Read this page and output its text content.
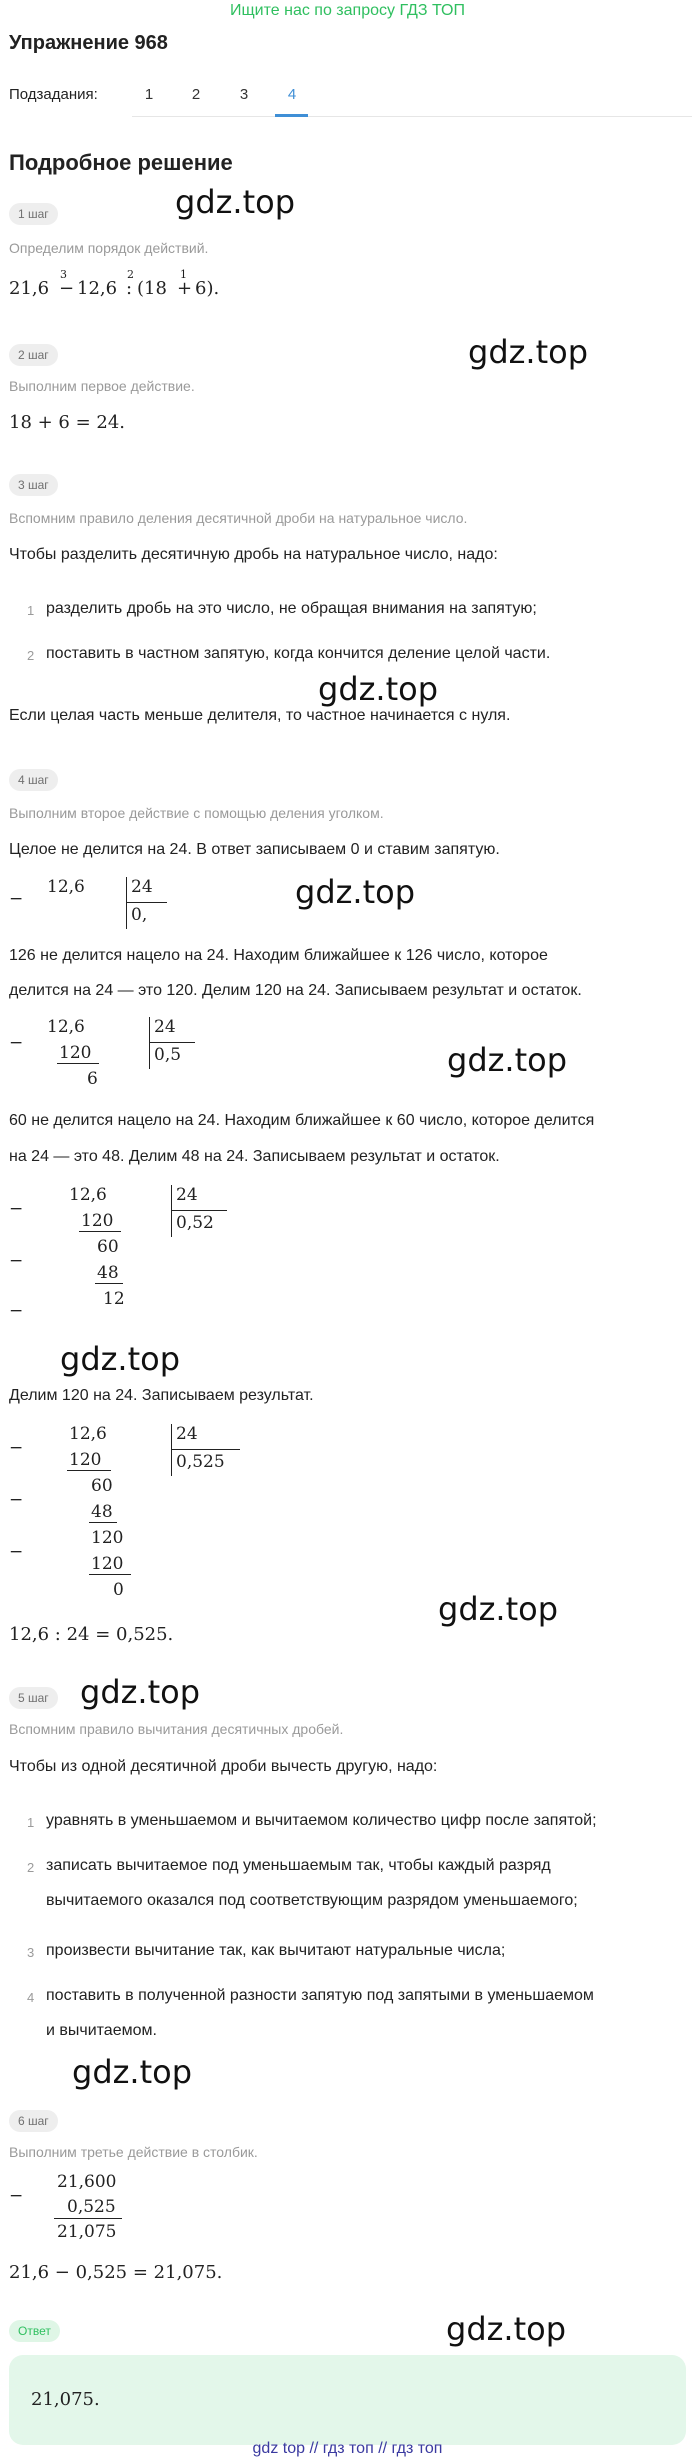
Ищите нас по запросу ГДЗ ТОП
Упражнение 968
Подзадания:	1	2	3	4
Подробное решение
gdz.top
gdz.top
gdz.top
gdz.top
gdz.top
gdz.top
gdz.top
gdz.top
gdz.top
gdz.top
1 шаг
Определим порядок действий.
21,6 −
3
12,6 :
2
(18 +
1
6).
2 шаг
Выполним первое действие.
18 + 6 = 24.
3 шаг
Вспомним правило деления десятичной дроби на натуральное число.
Чтобы разделить десятичную дробь на натуральное число, надо:
1 разделить дробь на это число, не обращая внимания на запятую;
2 поставить в частном запятую, когда кончится деление целой части.
Если целая часть меньше делителя, то частное начинается с нуля.
4 шаг
Выполним второе действие с помощью деления уголком.
Целое не делится на 24. В ответ записываем 0 и ставим запятую.
−
12,6	24
0,
126 не делится нацело на 24. Находим ближайшее к 126 число, которое
делится на 24 — это 120. Делим 120 на 24. Записываем результат и остаток.
−
12,6
120
6
24
0,5
60 не делится нацело на 24. Находим ближайшее к 60 число, которое делится
на 24 — это 48. Делим 48 на 24. Записываем результат и остаток.
−
12,6
120
−
60
48
−
12
24
0,52
Делим 120 на 24. Записываем результат.
−
12,6
120
−
60
48
−
120
120
0
24
0,525
12,6 : 24 = 0,525.
5 шаг
Вспомним правило вычитания десятичных дробей.
Чтобы из одной десятичной дроби вычесть другую, надо:
1 уравнять в уменьшаемом и вычитаемом количество цифр после запятой;
2 записать вычитаемое под уменьшаемым так, чтобы каждый разряд
вычитаемого оказался под соответствующим разрядом уменьшаемого;
3 произвести вычитание так, как вычитают натуральные числа;
4 поставить в полученной разности запятую под запятыми в уменьшаемом
и вычитаемом.
6 шаг
Выполним третье действие в столбик.
−
21,600
0,525
21,075
21,6 − 0,525 = 21,075.
Ответ
21,075.
gdz top // гдз топ // гдз топ
